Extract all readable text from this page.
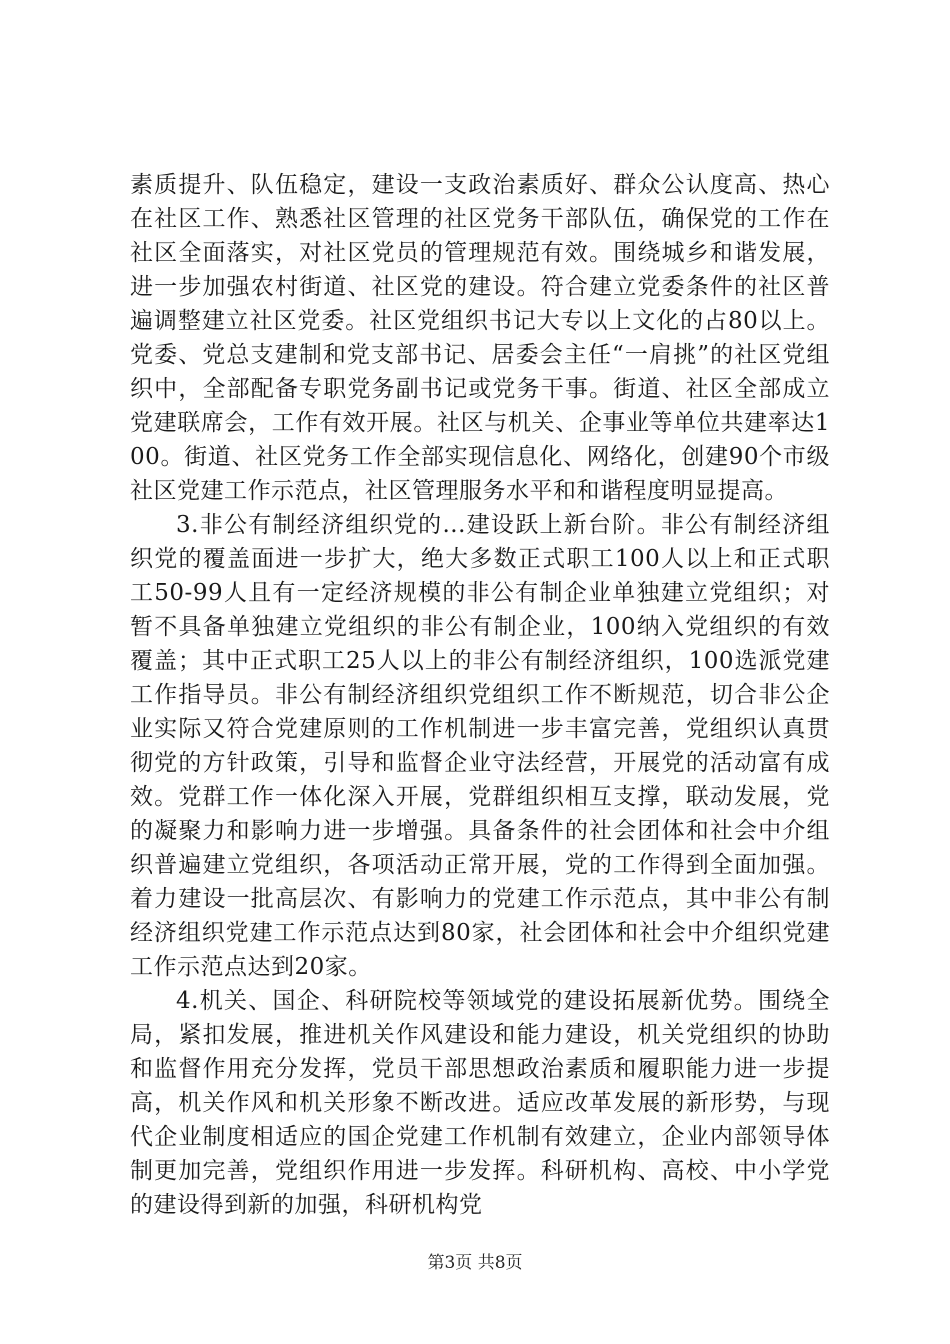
素质提升、队伍稳定，建设一支政治素质好、群众公认度高、热心在社区工作、熟悉社区管理的社区党务干部队伍，确保党的工作在社区全面落实，对社区党员的管理规范有效。围绕城乡和谐发展，进一步加强农村街道、社区党的建设。符合建立党委条件的社区普遍调整建立社区党委。社区党组织书记大专以上文化的占80以上。党委、党总支建制和党支部书记、居委会主任“一肩挑”的社区党组织中，全部配备专职党务副书记或党务干事。街道、社区全部成立党建联席会，工作有效开展。社区与机关、企事业等单位共建率达100。街道、社区党务工作全部实现信息化、网络化，创建90个市级社区党建工作示范点，社区管理服务水平和和谐程度明显提高。

3.非公有制经济组织党的...建设跃上新台阶。非公有制经济组织党的覆盖面进一步扩大，绝大多数正式职工100人以上和正式职工50-99人且有一定经济规模的非公有制企业单独建立党组织；对暂不具备单独建立党组织的非公有制企业，100纳入党组织的有效覆盖；其中正式职工25人以上的非公有制经济组织，100选派党建工作指导员。非公有制经济组织党组织工作不断规范，切合非公企业实际又符合党建原则的工作机制进一步丰富完善，党组织认真贯彻党的方针政策，引导和监督企业守法经营，开展党的活动富有成效。党群工作一体化深入开展，党群组织相互支撑，联动发展，党的凝聚力和影响力进一步增强。具备条件的社会团体和社会中介组织普遍建立党组织，各项活动正常开展，党的工作得到全面加强。着力建设一批高层次、有影响力的党建工作示范点，其中非公有制经济组织党建工作示范点达到80家，社会团体和社会中介组织党建工作示范点达到20家。

4.机关、国企、科研院校等领域党的建设拓展新优势。围绕全局，紧扣发展，推进机关作风建设和能力建设，机关党组织的协助和监督作用充分发挥，党员干部思想政治素质和履职能力进一步提高，机关作风和机关形象不断改进。适应改革发展的新形势，与现代企业制度相适应的国企党建工作机制有效建立，企业内部领导体制更加完善，党组织作用进一步发挥。科研机构、高校、中小学党的建设得到新的加强，科研机构党

第3页 共8页
